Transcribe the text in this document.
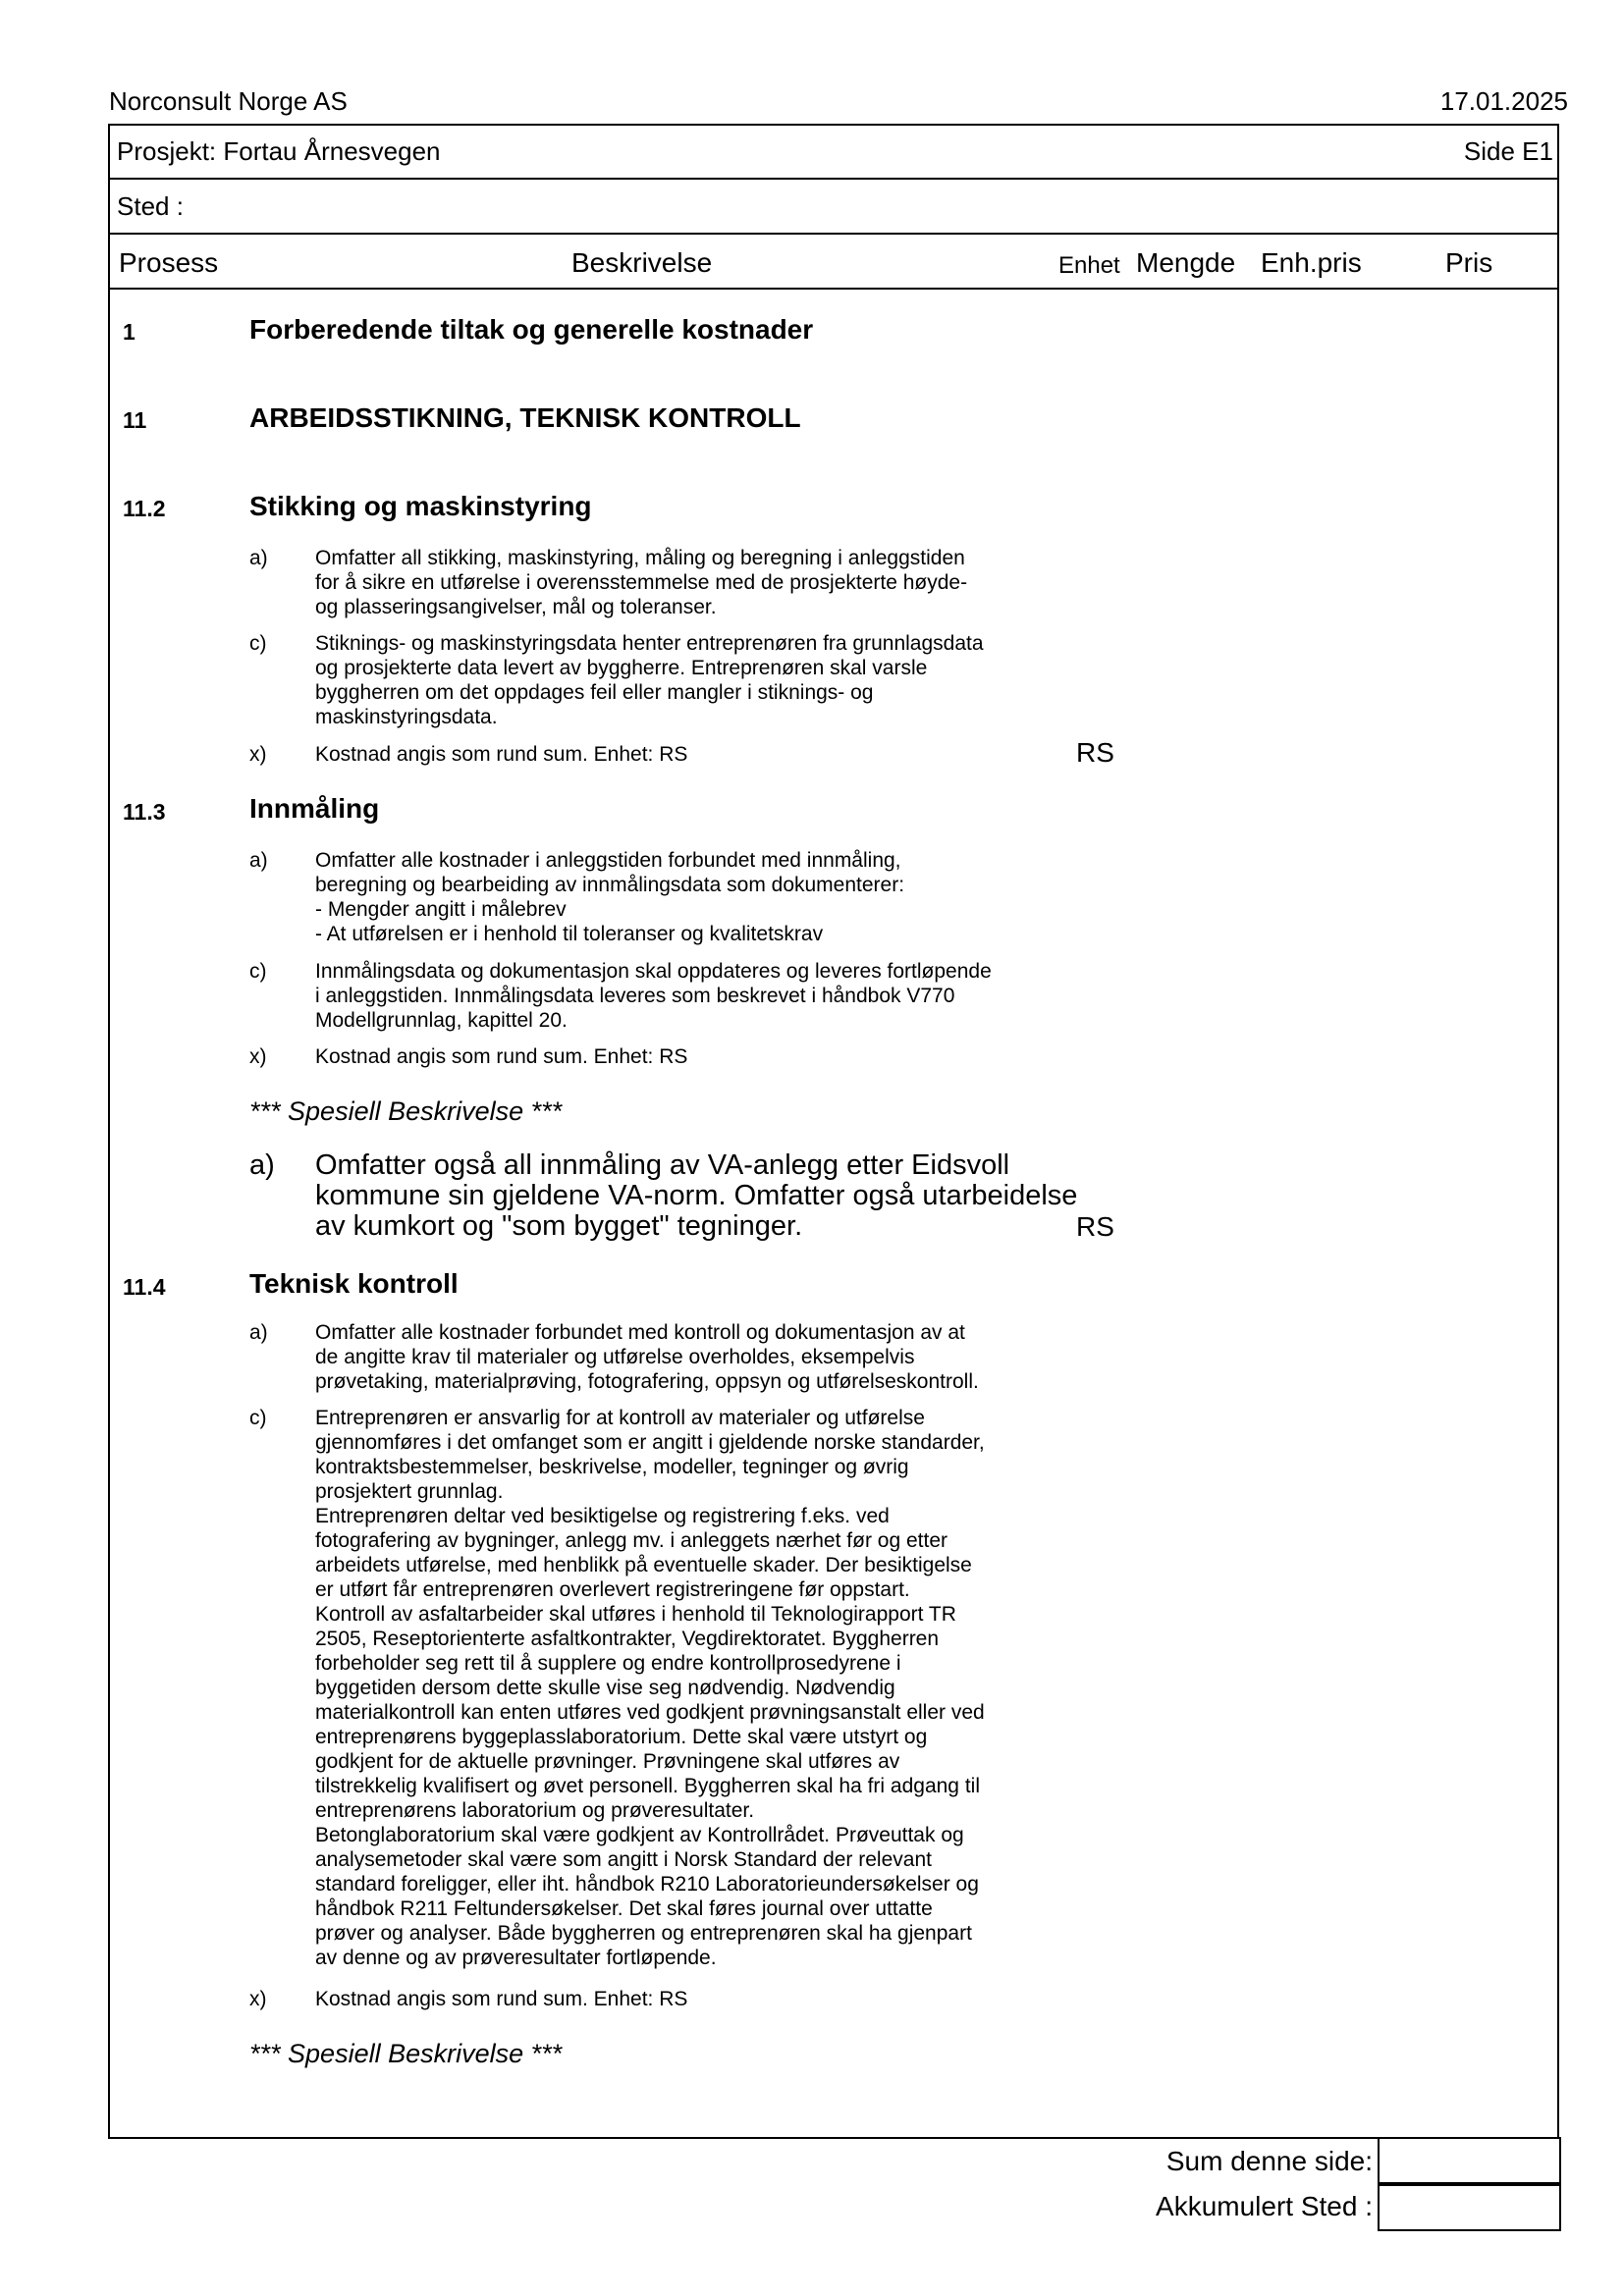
Norconsult Norge AS	17.01.2025
Prosjekt: Fortau Årnesvegen	Side E1
Sted :
Prosess	Beskrivelse	Enhet Mengde Enh.pris	Pris
1	Forberedende tiltak og generelle kostnader
11	ARBEIDSSTIKNING, TEKNISK KONTROLL
11.2	Stikking og maskinstyring
a) Omfatter all stikking, maskinstyring, måling og beregning i anleggstiden
for å sikre en utførelse i overensstemmelse med de prosjekterte høyde-
og plasseringsangivelser, mål og toleranser.
c) Stiknings- og maskinstyringsdata henter entreprenøren fra grunnlagsdata
og prosjekterte data levert av byggherre. Entreprenøren skal varsle
byggherren om det oppdages feil eller mangler i stiknings- og
maskinstyringsdata.
x) Kostnad angis som rund sum. Enhet: RS	RS
11.3	Innmåling
a) Omfatter alle kostnader i anleggstiden forbundet med innmåling,
beregning og bearbeiding av innmålingsdata som dokumenterer:
- Mengder angitt i målebrev
- At utførelsen er i henhold til toleranser og kvalitetskrav
c) Innmålingsdata og dokumentasjon skal oppdateres og leveres fortløpende
i anleggstiden. Innmålingsdata leveres som beskrevet i håndbok V770
Modellgrunnlag, kapittel 20.
x) Kostnad angis som rund sum. Enhet: RS
*** Spesiell Beskrivelse ***
a) Omfatter også all innmåling av VA-anlegg etter Eidsvoll
kommune sin gjeldene VA-norm. Omfatter også utarbeidelse
av kumkort og "som bygget" tegninger.	RS
11.4	Teknisk kontroll
a) Omfatter alle kostnader forbundet med kontroll og dokumentasjon av at
de angitte krav til materialer og utførelse overholdes, eksempelvis
prøvetaking, materialprøving, fotografering, oppsyn og utførelseskontroll.
c) Entreprenøren er ansvarlig for at kontroll av materialer og utførelse
gjennomføres i det omfanget som er angitt i gjeldende norske standarder,
kontraktsbestemmelser, beskrivelse, modeller, tegninger og øvrig
prosjektert grunnlag.
Entreprenøren deltar ved besiktigelse og registrering f.eks. ved
fotografering av bygninger, anlegg mv. i anleggets nærhet før og etter
arbeidets utførelse, med henblikk på eventuelle skader. Der besiktigelse
er utført får entreprenøren overlevert registreringene før oppstart.
Kontroll av asfaltarbeider skal utføres i henhold til Teknologirapport TR
2505, Reseptorienterte asfaltkontrakter, Vegdirektoratet. Byggherren
forbeholder seg rett til å supplere og endre kontrollprosedyrene i
byggetiden dersom dette skulle vise seg nødvendig. Nødvendig
materialkontroll kan enten utføres ved godkjent prøvningsanstalt eller ved
entreprenørens byggeplasslaboratorium. Dette skal være utstyrt og
godkjent for de aktuelle prøvninger. Prøvningene skal utføres av
tilstrekkelig kvalifisert og øvet personell. Byggherren skal ha fri adgang til
entreprenørens laboratorium og prøveresultater.
Betonglaboratorium skal være godkjent av Kontrollrådet. Prøveuttak og
analysemetoder skal være som angitt i Norsk Standard der relevant
standard foreligger, eller iht. håndbok R210 Laboratorieundersøkelser og
håndbok R211 Feltundersøkelser. Det skal føres journal over uttatte
prøver og analyser. Både byggherren og entreprenøren skal ha gjenpart
av denne og av prøveresultater fortløpende.
x) Kostnad angis som rund sum. Enhet: RS
*** Spesiell Beskrivelse ***
Sum denne side:
Akkumulert Sted :
